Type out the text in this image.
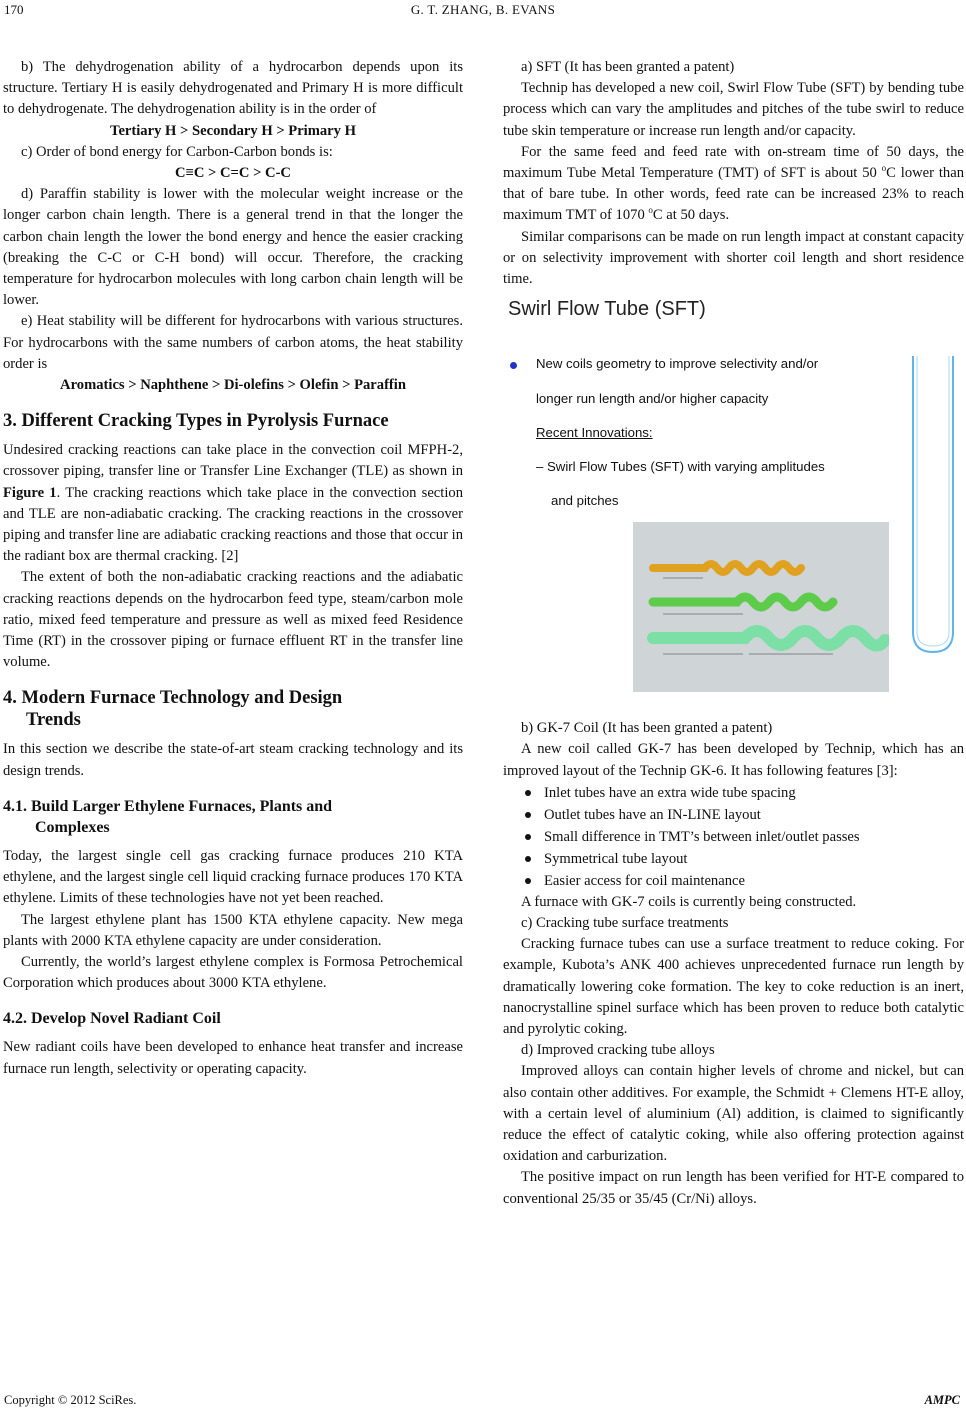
170	G. T. ZHANG, B. EVANS

b) The dehydrogenation ability of a hydrocarbon depends upon its structure. Tertiary H is easily dehydrogenated and Primary H is more difficult to dehydrogenate. The dehydrogenation ability is in the order of

Tertiary H > Secondary H > Primary H

c) Order of bond energy for Carbon-Carbon bonds is:

C≡C > C=C > C-C

d) Paraffin stability is lower with the molecular weight increase or the longer carbon chain length. There is a general trend in that the longer the carbon chain length the lower the bond energy and hence the easier cracking (breaking the C-C or C-H bond) will occur. Therefore, the cracking temperature for hydrocarbon molecules with long carbon chain length will be lower.

e) Heat stability will be different for hydrocarbons with various structures. For hydrocarbons with the same numbers of carbon atoms, the heat stability order is

Aromatics > Naphthene > Di-olefins > Olefin > Paraffin

3. Different Cracking Types in Pyrolysis Furnace

Undesired cracking reactions can take place in the convection coil MFPH-2, crossover piping, transfer line or Transfer Line Exchanger (TLE) as shown in Figure 1. The cracking reactions which take place in the convection section and TLE are non-adiabatic cracking. The cracking reactions in the crossover piping and transfer line are adiabatic cracking reactions and those that occur in the radiant box are thermal cracking. [2]

The extent of both the non-adiabatic cracking reactions and the adiabatic cracking reactions depends on the hydrocarbon feed type, steam/carbon mole ratio, mixed feed temperature and pressure as well as mixed feed Residence Time (RT) in the crossover piping or furnace effluent RT in the transfer line volume.

4. Modern Furnace Technology and Design
Trends

In this section we describe the state-of-art steam cracking technology and its design trends.

4.1. Build Larger Ethylene Furnaces, Plants and
Complexes

Today, the largest single cell gas cracking furnace produces 210 KTA ethylene, and the largest single cell liquid cracking furnace produces 170 KTA ethylene. Limits of these technologies have not yet been reached.

The largest ethylene plant has 1500 KTA ethylene capacity. New mega plants with 2000 KTA ethylene capacity are under consideration.

Currently, the world’s largest ethylene complex is Formosa Petrochemical Corporation which produces about 3000 KTA ethylene.

4.2. Develop Novel Radiant Coil

New radiant coils have been developed to enhance heat transfer and increase furnace run length, selectivity or operating capacity.

a) SFT (It has been granted a patent)

Technip has developed a new coil, Swirl Flow Tube (SFT) by bending tube process which can vary the amplitudes and pitches of the tube swirl to reduce tube skin temperature or increase run length and/or capacity.

For the same feed and feed rate with on-stream time of 50 days, the maximum Tube Metal Temperature (TMT) of SFT is about 50 $^o$C lower than that of bare tube. In other words, feed rate can be increased 23% to reach maximum TMT of 1070 $^o$C at 50 days.

Similar comparisons can be made on run length impact at constant capacity or on selectivity improvement with shorter coil length and short residence time.

Swirl Flow Tube (SFT)
New coils geometry to improve selectivity and/or
longer run length and/or higher capacity
Recent Innovations:
– Swirl Flow Tubes (SFT) with varying amplitudes
and pitches

b) GK-7 Coil (It has been granted a patent)

A new coil called GK-7 has been developed by Technip, which has an improved layout of the Technip GK-6. It has following features [3]:

Inlet tubes have an extra wide tube spacing
Outlet tubes have an IN-LINE layout
Small difference in TMT’s between inlet/outlet passes
Symmetrical tube layout
Easier access for coil maintenance

A furnace with GK-7 coils is currently being constructed.

c) Cracking tube surface treatments

Cracking furnace tubes can use a surface treatment to reduce coking. For example, Kubota’s ANK 400 achieves unprecedented furnace run length by dramatically lowering coke formation. The key to coke reduction is an inert, nanocrystalline spinel surface which has been proven to reduce both catalytic and pyrolytic coking.

d) Improved cracking tube alloys

Improved alloys can contain higher levels of chrome and nickel, but can also contain other additives. For example, the Schmidt + Clemens HT-E alloy, with a certain level of aluminium (Al) addition, is claimed to significantly reduce the effect of catalytic coking, while also offering protection against oxidation and carburization.

The positive impact on run length has been verified for HT-E compared to conventional 25/35 or 35/45 (Cr/Ni) alloys.

Copyright © 2012 SciRes.	AMPC
